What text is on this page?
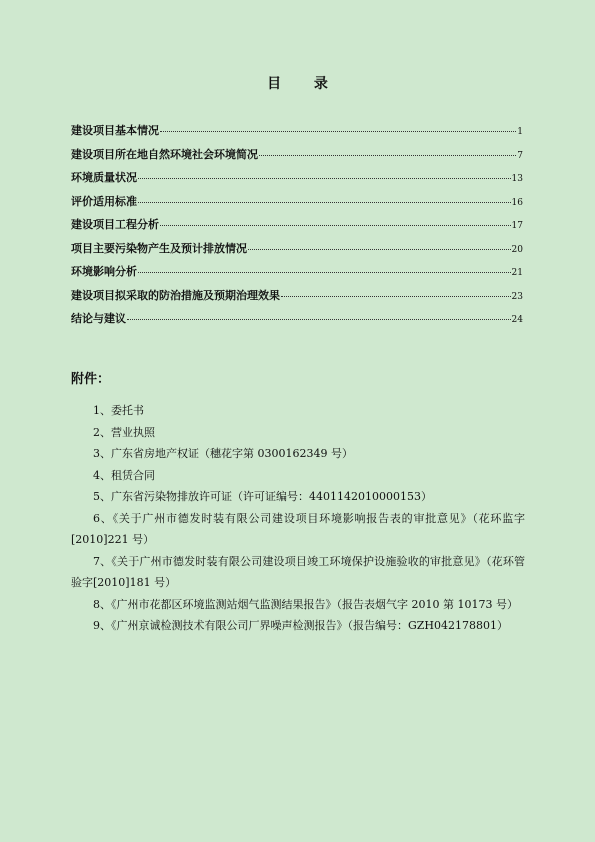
目 录
建设项目基本情况	1
建设项目所在地自然环境社会环境简况	7
环境质量状况	13
评价适用标准	16
建设项目工程分析	17
项目主要污染物产生及预计排放情况	20
环境影响分析	21
建设项目拟采取的防治措施及预期治理效果	23
结论与建议	24
附件：
1、委托书
2、营业执照
3、广东省房地产权证（穗花字第 0300162349 号）
4、租赁合同
5、广东省污染物排放许可证（许可证编号：4401142010000153）
6、《关于广州市德发时装有限公司建设项目环境影响报告表的审批意见》（花环监字[2010]221 号）
7、《关于广州市德发时装有限公司建设项目竣工环境保护设施验收的审批意见》（花环管验字[2010]181 号）
8、《广州市花都区环境监测站烟气监测结果报告》（报告表烟气字 2010 第 10173 号）
9、《广州京诚检测技术有限公司厂界噪声检测报告》（报告编号：GZH042178801）
